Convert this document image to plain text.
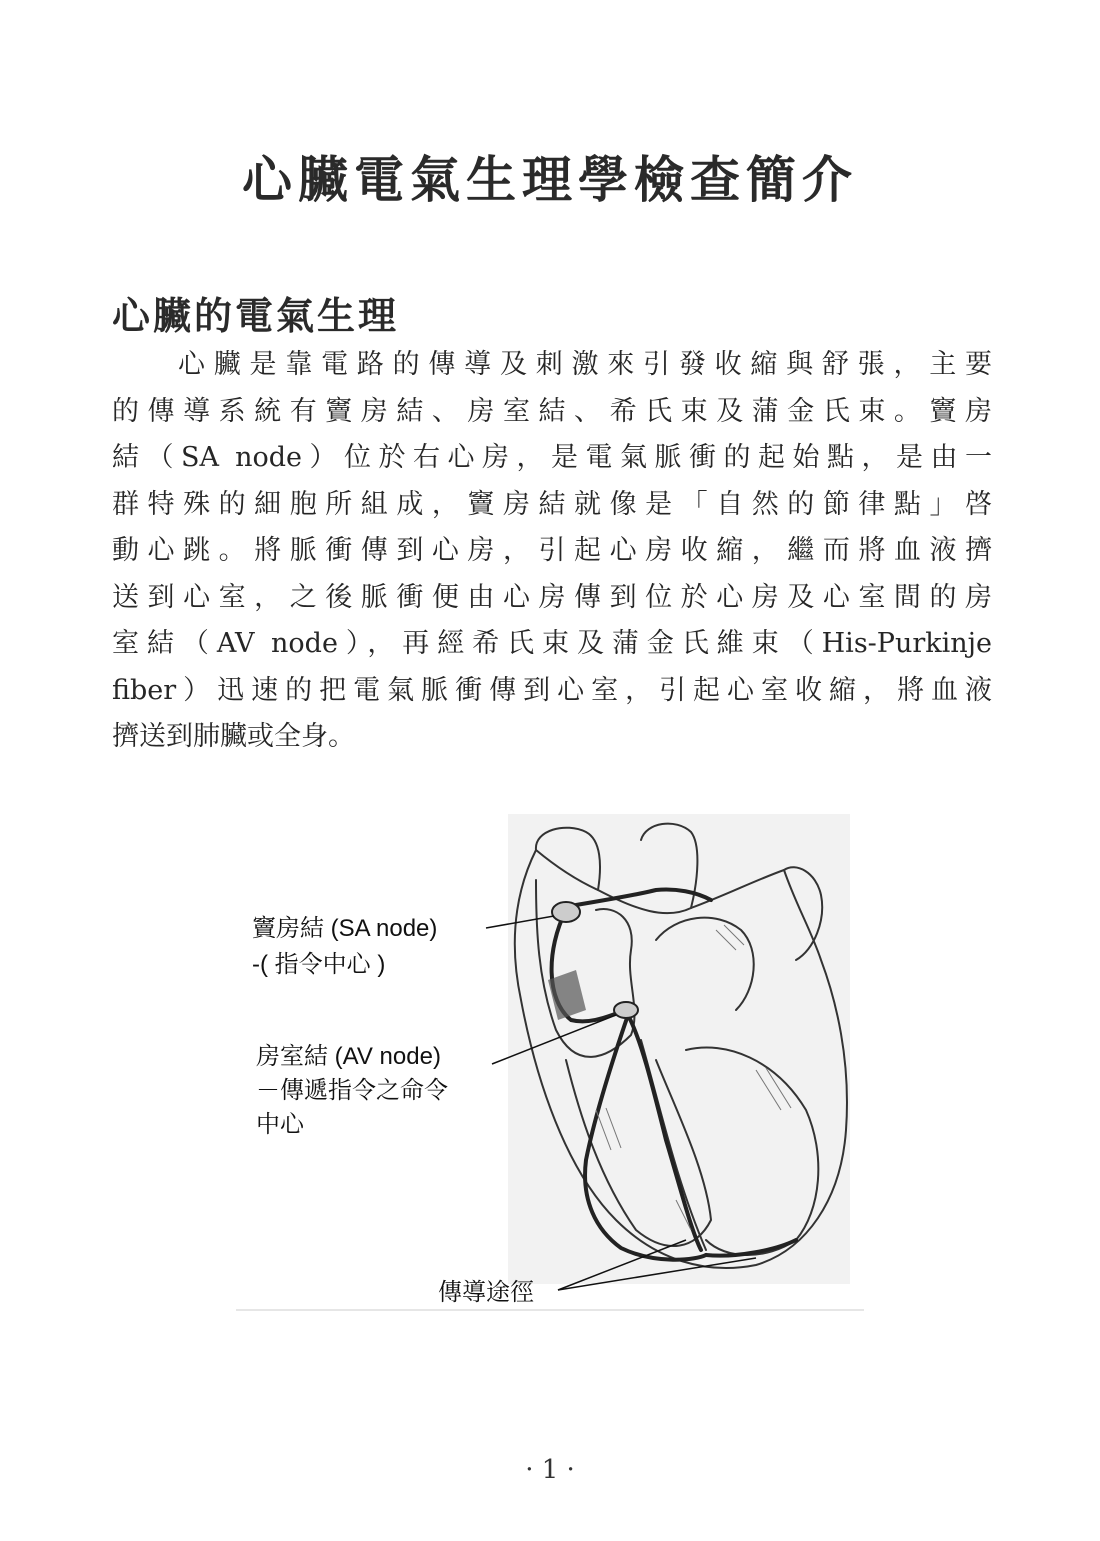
心臟電氣生理學檢查簡介
心臟的電氣生理

心臟是靠電路的傳導及刺激來引發收縮與舒張，主要
的傳導系統有竇房結、房室結、希氏束及蒲金氏束。竇房
結（SA node）位於右心房，是電氣脈衝的起始點，是由一
群特殊的細胞所組成，竇房結就像是「自然的節律點」啓
動心跳。將脈衝傳到心房，引起心房收縮，繼而將血液擠
送到心室，之後脈衝便由心房傳到位於心房及心室間的房
室結（AV node），再經希氏束及蒲金氏維束（His-Purkinje
fiber）迅速的把電氣脈衝傳到心室，引起心室收縮，將血液
擠送到肺臟或全身。

竇房結 (SA node)
-( 指令中心 )
房室結 (AV node)
－傳遞指令之命令
中心
傳導途徑
· 1 ·
